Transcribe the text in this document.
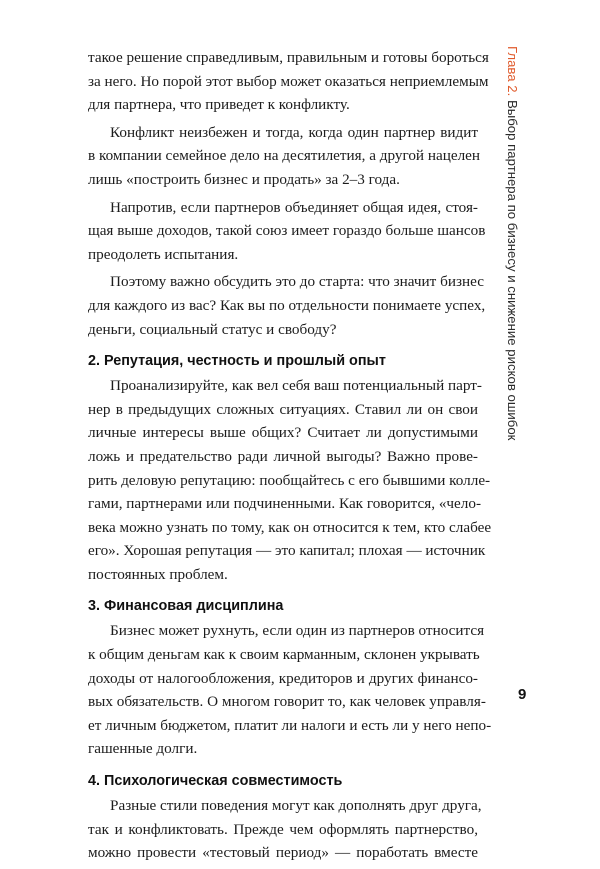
такое решение справедливым, правильным и готовы бороться
за него. Но порой этот выбор может оказаться неприемлемым
для партнера, что приведет к конфликту.
Конфликт неизбежен и тогда, когда один партнер видит
в компании семейное дело на десятилетия, а другой нацелен
лишь «построить бизнес и продать» за 2–3 года.
Напротив, если партнеров объединяет общая идея, стоя-
щая выше доходов, такой союз имеет гораздо больше шансов
преодолеть испытания.
Поэтому важно обсудить это до старта: что значит бизнес
для каждого из вас? Как вы по отдельности понимаете успех,
деньги, социальный статус и свободу?
2. Репутация, честность и прошлый опыт
Проанализируйте, как вел себя ваш потенциальный парт-
нер в предыдущих сложных ситуациях. Ставил ли он свои
личные интересы выше общих? Считает ли допустимыми
ложь и предательство ради личной выгоды? Важно прове-
рить деловую репутацию: пообщайтесь с его бывшими колле-
гами, партнерами или подчиненными. Как говорится, «чело-
века можно узнать по тому, как он относится к тем, кто слабее
его». Хорошая репутация — это капитал; плохая — источник
постоянных проблем.
3. Финансовая дисциплина
Бизнес может рухнуть, если один из партнеров относится
к общим деньгам как к своим карманным, склонен укрывать
доходы от налогообложения, кредиторов и других финансо-
вых обязательств. О многом говорит то, как человек управля-
ет личным бюджетом, платит ли налоги и есть ли у него непо-
гашенные долги.
4. Психологическая совместимость
Разные стили поведения могут как дополнять друг друга,
так и конфликтовать. Прежде чем оформлять партнерство,
можно провести «тестовый период» — поработать вместе
Глава 2. Выбор партнера по бизнесу и снижение рисков ошибок
9
